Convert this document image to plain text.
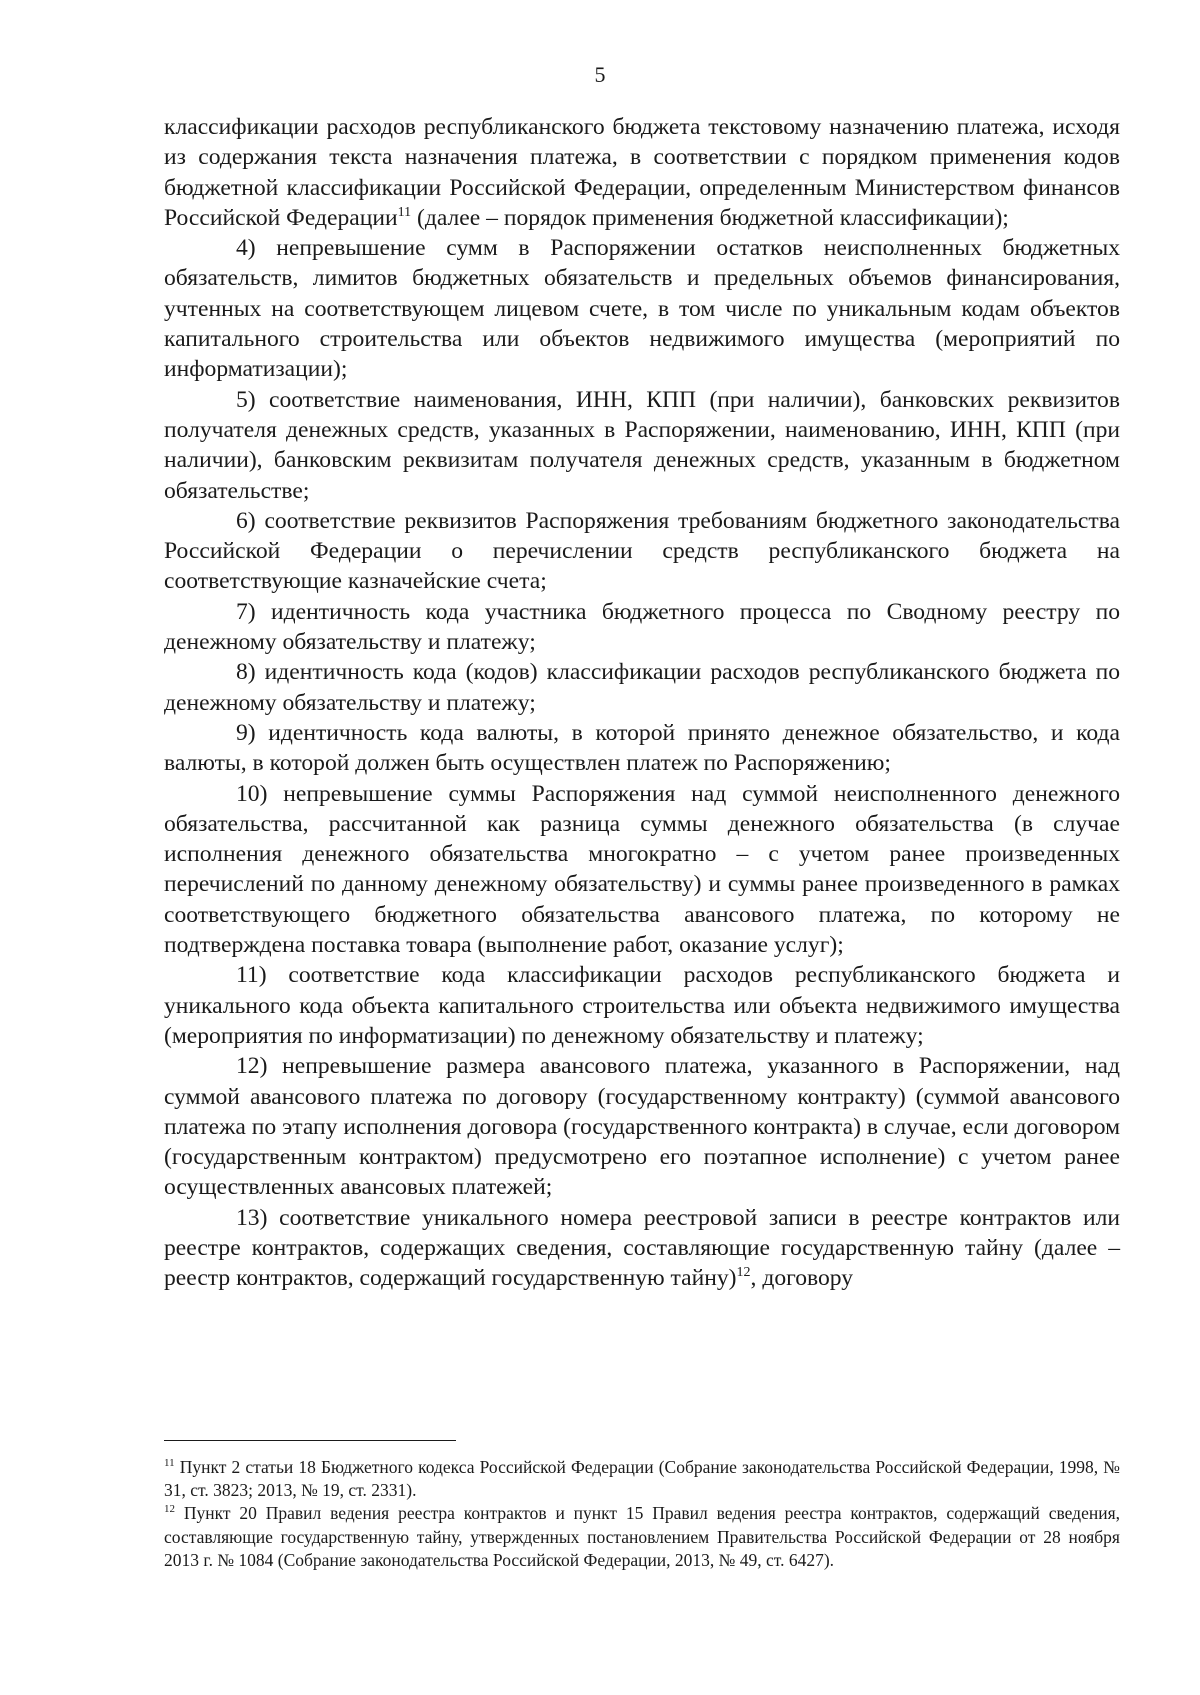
5

классификации расходов республиканского бюджета текстовому назначению платежа, исходя из содержания текста назначения платежа, в соответствии с порядком применения кодов бюджетной классификации Российской Федерации, определенным Министерством финансов Российской Федерации$^{11}$ (далее – порядок применения бюджетной классификации);

4) непревышение сумм в Распоряжении остатков неисполненных бюджетных обязательств, лимитов бюджетных обязательств и предельных объемов финансирования, учтенных на соответствующем лицевом счете, в том числе по уникальным кодам объектов капитального строительства или объектов недвижимого имущества (мероприятий по информатизации);

5) соответствие наименования, ИНН, КПП (при наличии), банковских реквизитов получателя денежных средств, указанных в Распоряжении, наименованию, ИНН, КПП (при наличии), банковским реквизитам получателя денежных средств, указанным в бюджетном обязательстве;

6) соответствие реквизитов Распоряжения требованиям бюджетного законодательства Российской Федерации о перечислении средств республиканского бюджета на соответствующие казначейские счета;

7) идентичность кода участника бюджетного процесса по Сводному реестру по денежному обязательству и платежу;

8) идентичность кода (кодов) классификации расходов республиканского бюджета по денежному обязательству и платежу;

9) идентичность кода валюты, в которой принято денежное обязательство, и кода валюты, в которой должен быть осуществлен платеж по Распоряжению;

10) непревышение суммы Распоряжения над суммой неисполненного денежного обязательства, рассчитанной как разница суммы денежного обязательства (в случае исполнения денежного обязательства многократно – с учетом ранее произведенных перечислений по данному денежному обязательству) и суммы ранее произведенного в рамках соответствующего бюджетного обязательства авансового платежа, по которому не подтверждена поставка товара (выполнение работ, оказание услуг);

11) соответствие кода классификации расходов республиканского бюджета и уникального кода объекта капитального строительства или объекта недвижимого имущества (мероприятия по информатизации) по денежному обязательству и платежу;

12) непревышение размера авансового платежа, указанного в Распоряжении, над суммой авансового платежа по договору (государственному контракту) (суммой авансового платежа по этапу исполнения договора (государственного контракта) в случае, если договором (государственным контрактом) предусмотрено его поэтапное исполнение) с учетом ранее осуществленных авансовых платежей;

13) соответствие уникального номера реестровой записи в реестре контрактов или реестре контрактов, содержащих сведения, составляющие государственную тайну (далее – реестр контрактов, содержащий государственную тайну)$^{12}$, договору

$^{11}$ Пункт 2 статьи 18 Бюджетного кодекса Российской Федерации (Собрание законодательства Российской Федерации, 1998, № 31, ст. 3823; 2013, № 19, ст. 2331).

$^{12}$ Пункт 20 Правил ведения реестра контрактов и пункт 15 Правил ведения реестра контрактов, содержащий сведения, составляющие государственную тайну, утвержденных постановлением Правительства Российской Федерации от 28 ноября 2013 г. № 1084 (Собрание законодательства Российской Федерации, 2013, № 49, ст. 6427).
